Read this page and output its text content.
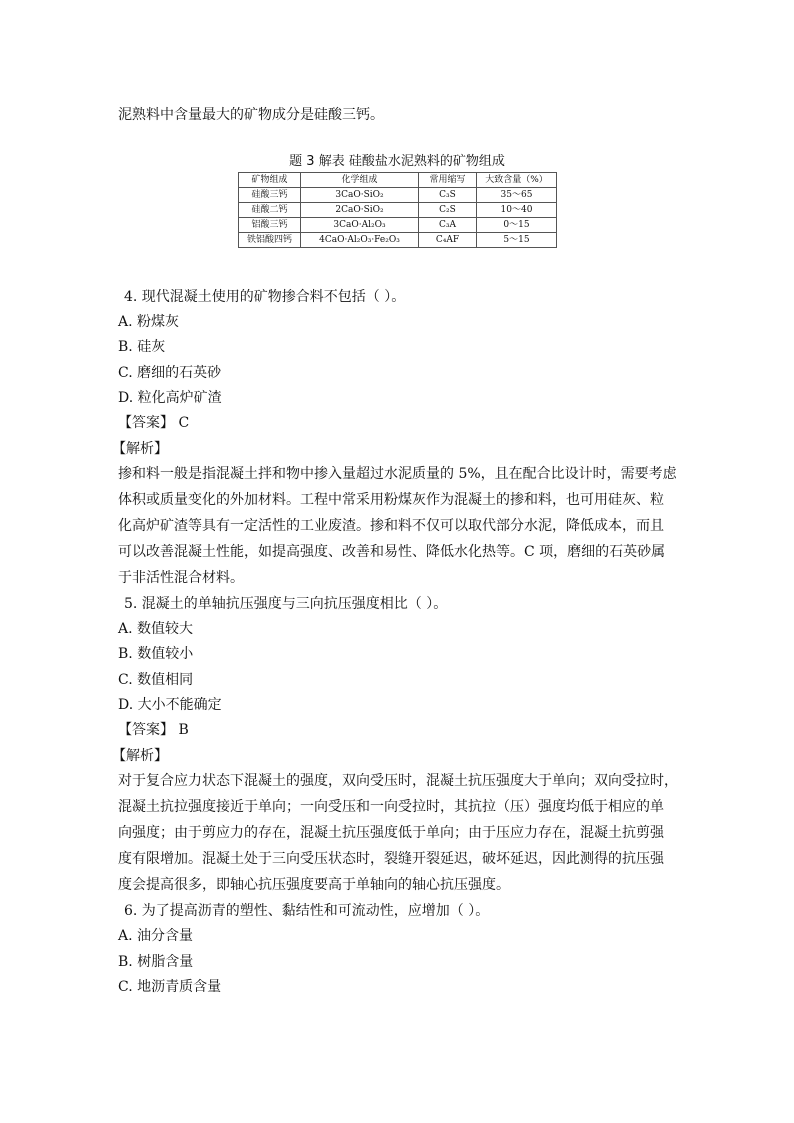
泥熟料中含量最大的矿物成分是硅酸三钙。
题 3 解表 硅酸盐水泥熟料的矿物组成
矿物组成	化学组成	常用缩写	大致含量（%）
硅酸三钙	3CaO·SiO₂	C₃S	35～65
硅酸二钙	2CaO·SiO₂	C₂S	10～40
铝酸三钙	3CaO·Al₂O₃	C₃A	0～15
铁铝酸四钙	4CaO·Al₂O₃·Fe₂O₃	C₄AF	5～15
4. 现代混凝土使用的矿物掺合料不包括（ ）。
A. 粉煤灰
B. 硅灰
C. 磨细的石英砂
D. 粒化高炉矿渣
【答案】 C
【解析】
掺和料一般是指混凝土拌和物中掺入量超过水泥质量的 5%，且在配合比设计时，需要考虑
体积或质量变化的外加材料。工程中常采用粉煤灰作为混凝土的掺和料，也可用硅灰、粒
化高炉矿渣等具有一定活性的工业废渣。掺和料不仅可以取代部分水泥，降低成本，而且
可以改善混凝土性能，如提高强度、改善和易性、降低水化热等。C 项，磨细的石英砂属
于非活性混合材料。
5. 混凝土的单轴抗压强度与三向抗压强度相比（ ）。
A. 数值较大
B. 数值较小
C. 数值相同
D. 大小不能确定
【答案】 B
【解析】
对于复合应力状态下混凝土的强度，双向受压时，混凝土抗压强度大于单向；双向受拉时，
混凝土抗拉强度接近于单向；一向受压和一向受拉时，其抗拉（压）强度均低于相应的单
向强度；由于剪应力的存在，混凝土抗压强度低于单向；由于压应力存在，混凝土抗剪强
度有限增加。混凝土处于三向受压状态时，裂缝开裂延迟，破坏延迟，因此测得的抗压强
度会提高很多，即轴心抗压强度要高于单轴向的轴心抗压强度。
6. 为了提高沥青的塑性、黏结性和可流动性，应增加（ ）。
A. 油分含量
B. 树脂含量
C. 地沥青质含量
